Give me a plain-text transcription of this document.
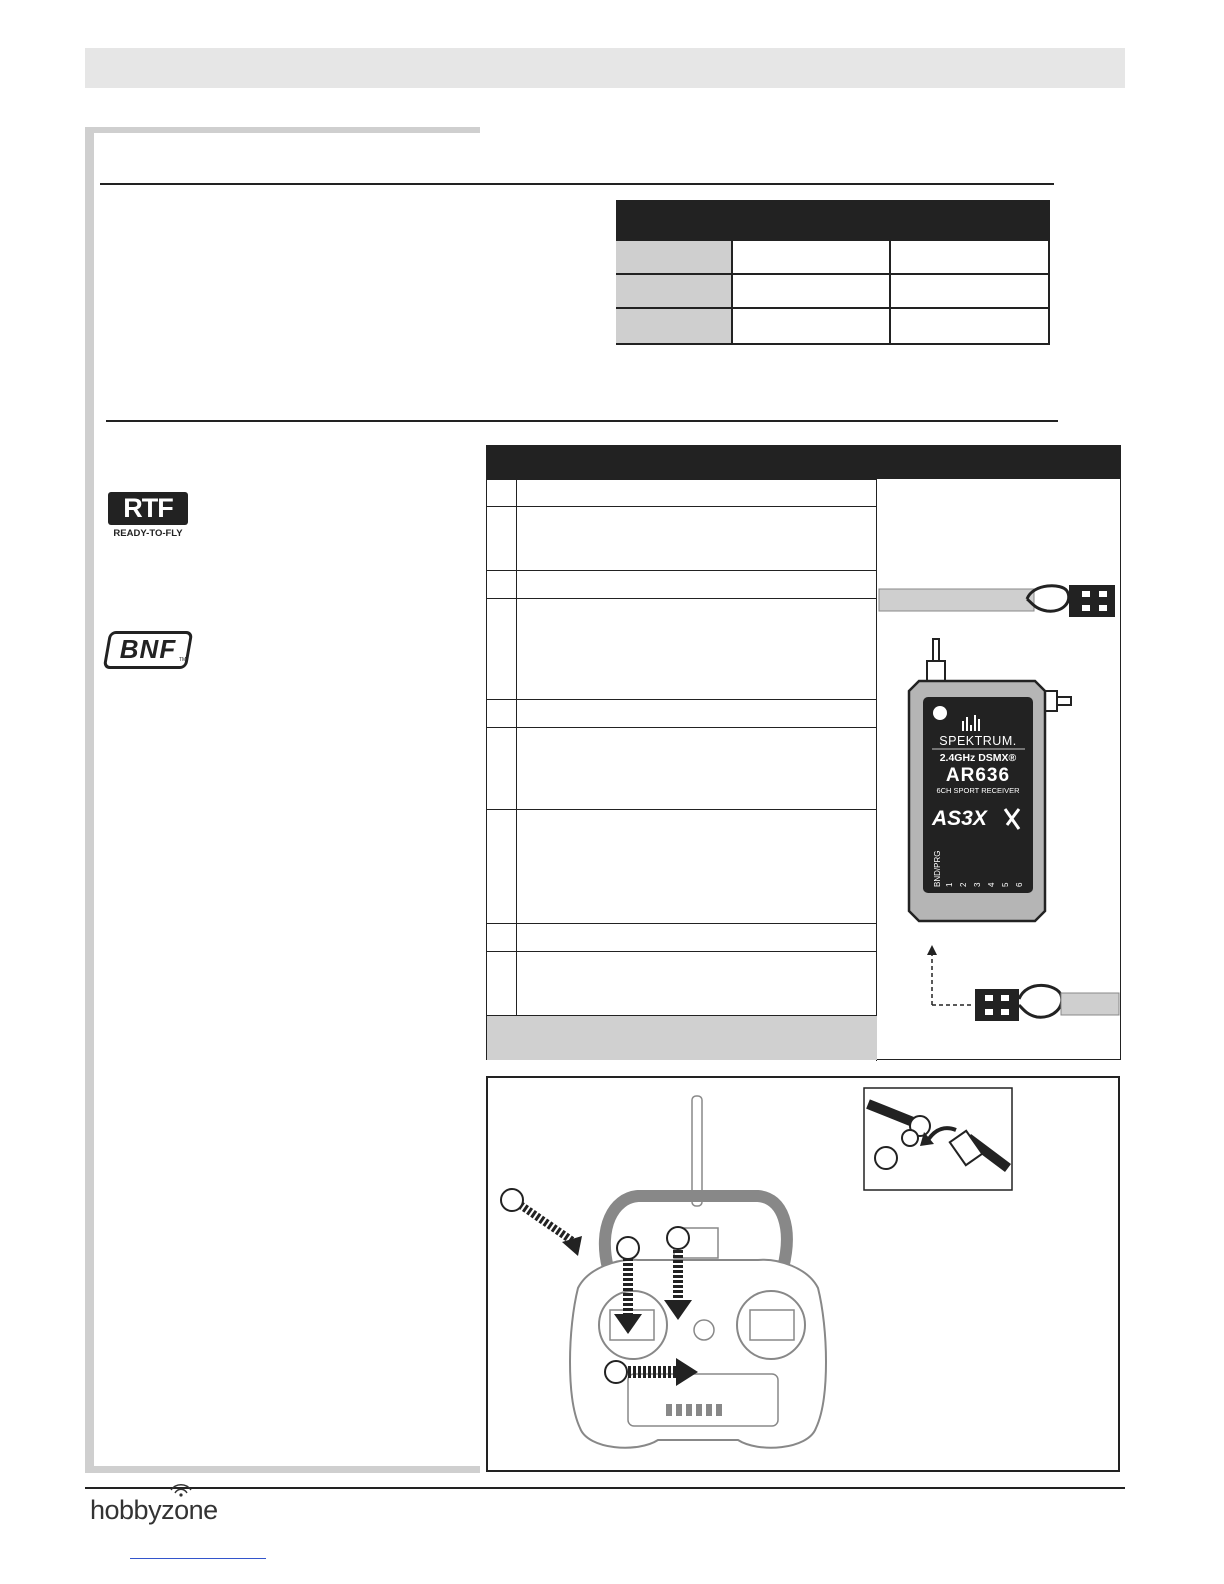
RTF
READY-TO-FLY
BNF TM
SPEKTRUM.
2.4GHz DSMX®
AR636
6CH SPORT RECEIVER
AS3X
BND/PRG 1 2 3 4 5 6
hobbyzone
